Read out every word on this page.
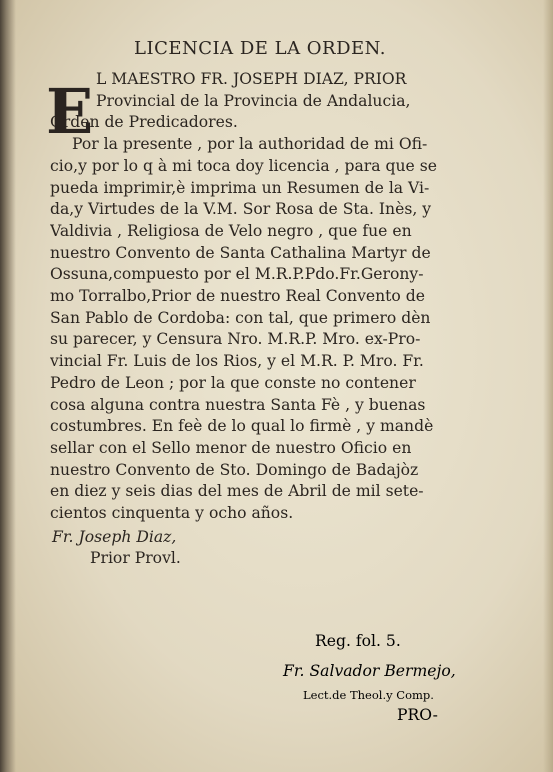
LICENCIA DE LA ORDEN.
E L MAESTRO FR. JOSEPH DIAZ, PRIOR
Provincial de la Provincia de Andalucia,
Orden de Predicadores.
Por la presente , por la authoridad de mi Ofi-
cio,y por lo q à mi toca doy licencia , para que se
pueda imprimir,è imprima un Resumen de la Vi-
da,y Virtudes de la V.M. Sor Rosa de Sta. Inès, y
Valdivia , Religiosa de Velo negro , que fue en
nuestro Convento de Santa Cathalina Martyr de
Ossuna,compuesto por el M.R.P.Pdo.Fr.Gerony-
mo Torralbo,Prior de nuestro Real Convento de
San Pablo de Cordoba: con tal, que primero dèn
su parecer, y Censura Nro. M.R.P. Mro. ex-Pro-
vincial Fr. Luis de los Rios, y el M.R. P. Mro. Fr.
Pedro de Leon ; por la que conste no contener
cosa alguna contra nuestra Santa Fè , y buenas
costumbres. En feè de lo qual lo firmè , y mandè
sellar con el Sello menor de nuestro Oficio en
nuestro Convento de Sto. Domingo de Badajòz
en diez y seis dias del mes de Abril de mil sete-
cientos cinquenta y ocho años.
Fr. Joseph Diaz,
Prior Provl.
Reg. fol. 5.
Fr. Salvador Bermejo,
Lect.de Theol.y Comp.
PRO-
